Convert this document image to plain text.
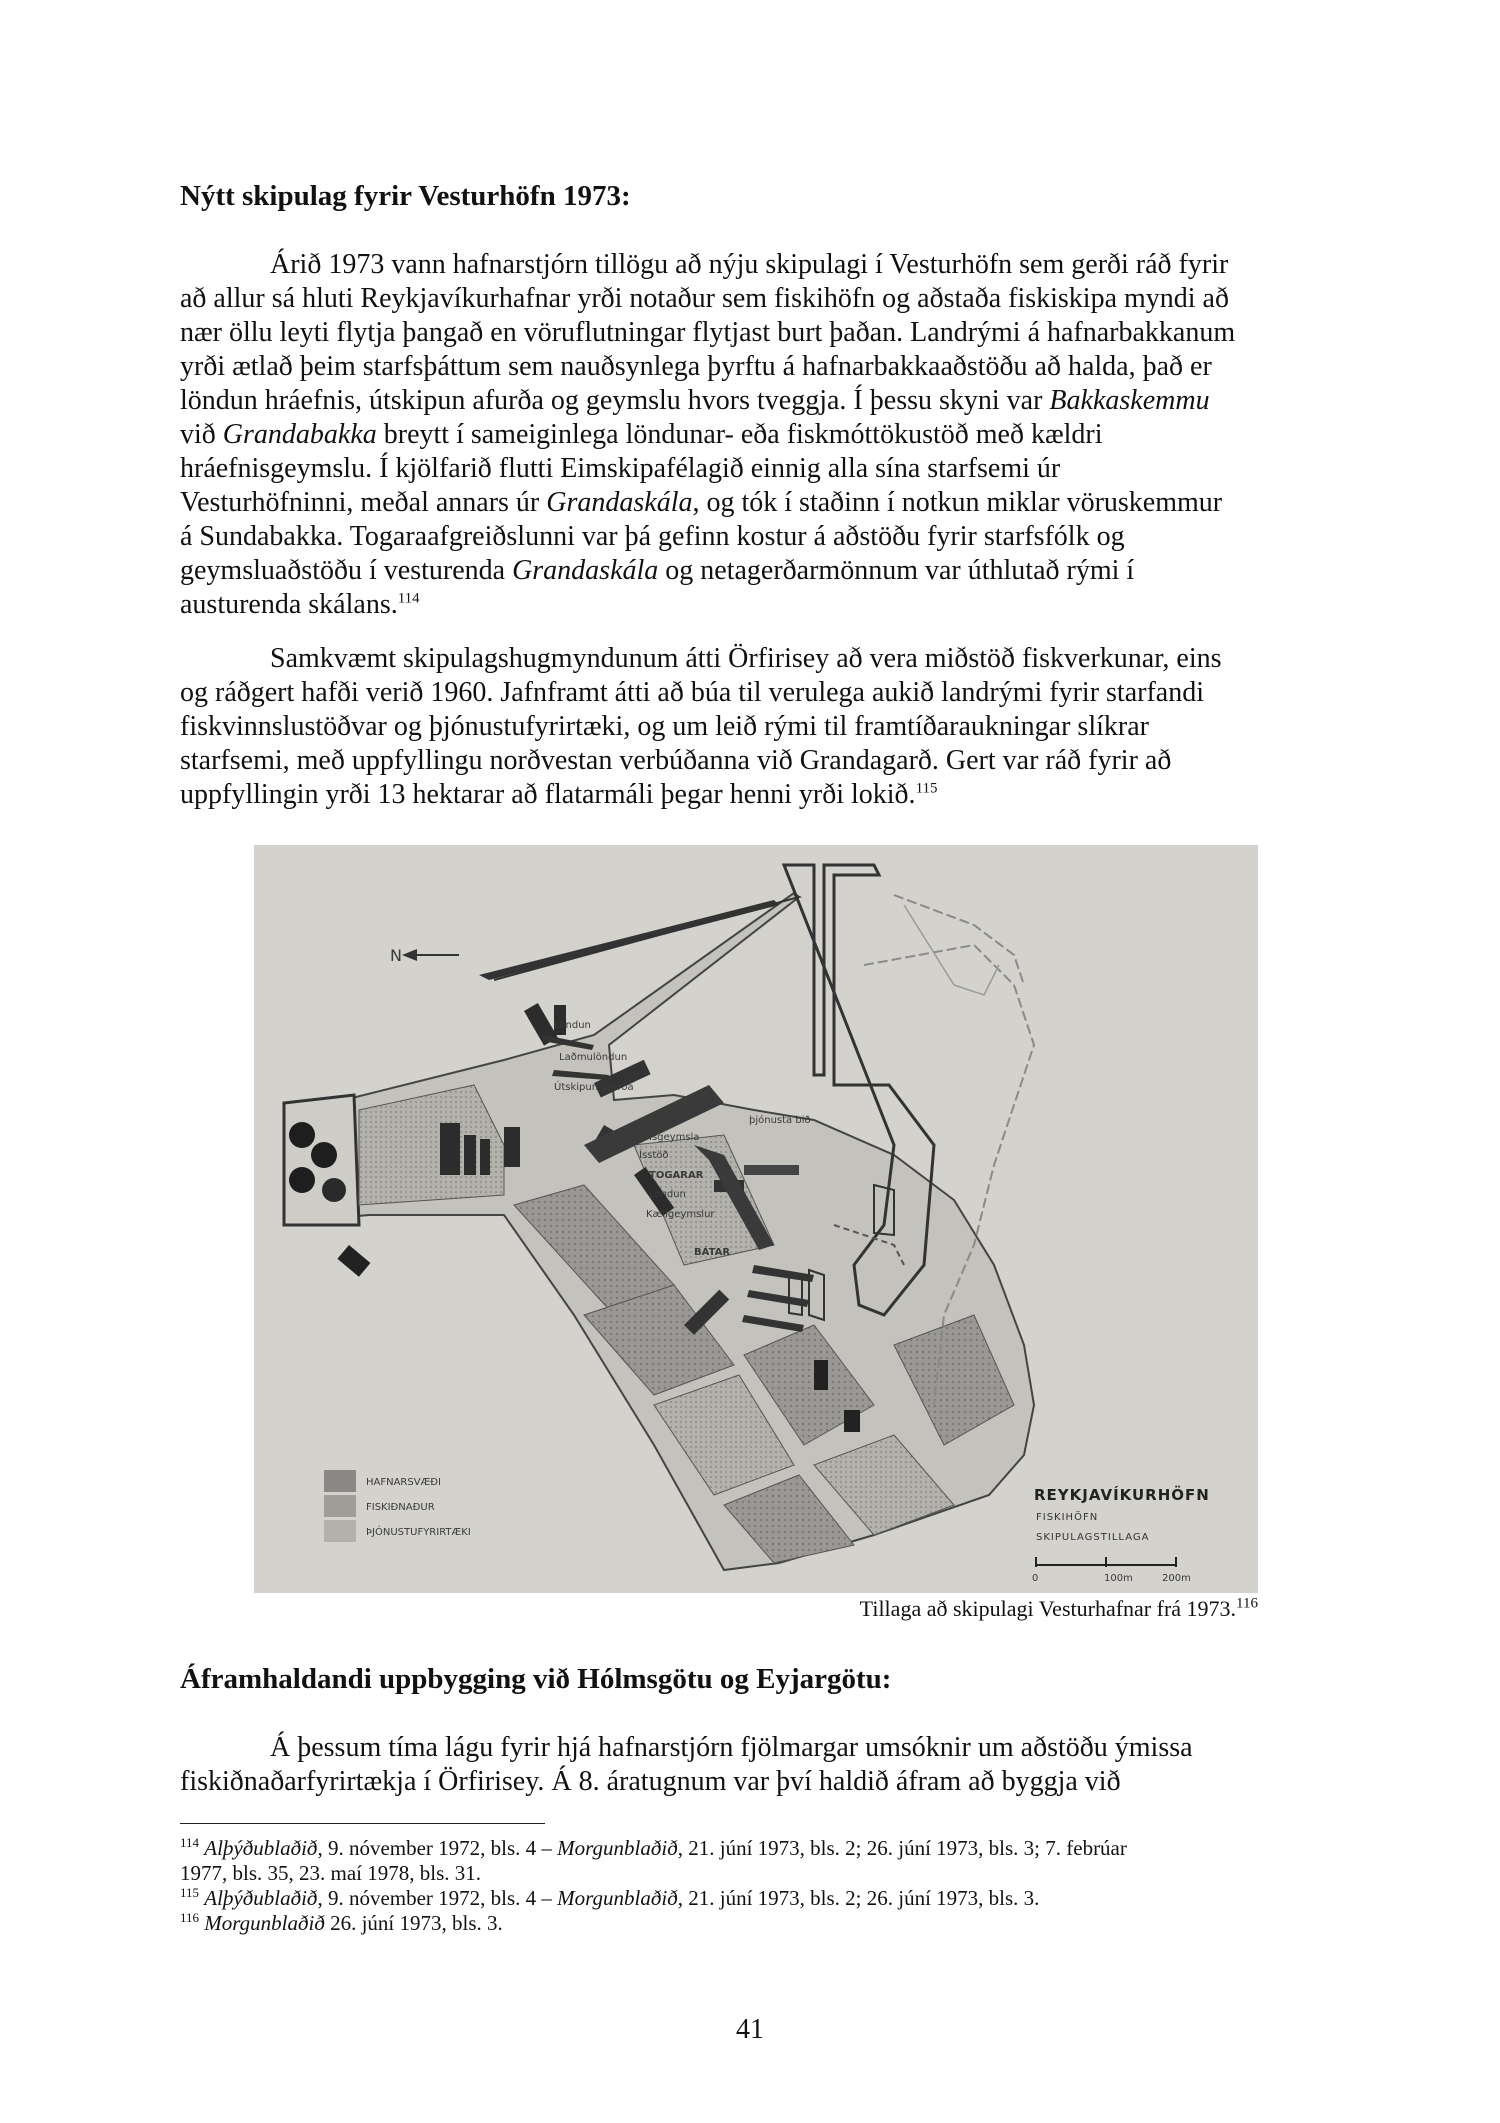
Nýtt skipulag fyrir Vesturhöfn 1973:
Árið 1973 vann hafnarstjórn tillögu að nýju skipulagi í Vesturhöfn sem gerði ráð fyrir
að allur sá hluti Reykjavíkurhafnar yrði notaður sem fiskihöfn og aðstaða fiskiskipa myndi að
nær öllu leyti flytja þangað en vöruflutningar flytjast burt þaðan. Landrými á hafnarbakkanum
yrði ætlað þeim starfsþáttum sem nauðsynlega þyrftu á hafnarbakkaaðstöðu að halda, það er
löndun hráefnis, útskipun afurða og geymslu hvors tveggja. Í þessu skyni var Bakkaskemmu
við Grandabakka breytt í sameiginlega löndunar- eða fiskmóttökustöð með kældri
hráefnisgeymslu. Í kjölfarið flutti Eimskipafélagið einnig alla sína starfsemi úr
Vesturhöfninni, meðal annars úr Grandaskála, og tók í staðinn í notkun miklar vöruskemmur
á Sundabakka. Togaraafgreiðslunni var þá gefinn kostur á aðstöðu fyrir starfsfólk og
geymsluaðstöðu í vesturenda Grandaskála og netagerðarmönnum var úthlutað rými í
austurenda skálans.$^{114}$
Samkvæmt skipulagshugmyndunum átti Örfirisey að vera miðstöð fiskverkunar, eins
og ráðgert hafði verið 1960. Jafnframt átti að búa til verulega aukið landrými fyrir starfandi
fiskvinnslustöðvar og þjónustufyrirtæki, og um leið rými til framtíðaraukningar slíkrar
starfsemi, með uppfyllingu norðvestan verbúðanna við Grandagarð. Gert var ráð fyrir að
uppfyllingin yrði 13 hektarar að flatarmáli þegar henni yrði lokið.$^{115}$
N
Löndun
Laðmulöndun
Útskipun afurða
þjónusta bið
Ísgeymsla
Ísstöð
TOGARAR
Löndun
Kæligeymslur
BÁTAR
HAFNARSVÆÐI
FISKIÐNAÐUR
ÞJÓNUSTUFYRIRTÆKI
REYKJAVÍKURHÖFN
FISKIHÖFN
SKIPULAGSTILLAGA
0	100m	200m
Tillaga að skipulagi Vesturhafnar frá 1973.$^{116}$
Áframhaldandi uppbygging við Hólmsgötu og Eyjargötu:
Á þessum tíma lágu fyrir hjá hafnarstjórn fjölmargar umsóknir um aðstöðu ýmissa
fiskiðnaðarfyrirtækja í Örfirisey. Á 8. áratugnum var því haldið áfram að byggja við
$^{114}$ Alþýðublaðið, 9. nóvember 1972, bls. 4 – Morgunblaðið, 21. júní 1973, bls. 2; 26. júní 1973, bls. 3; 7. febrúar
1977, bls. 35, 23. maí 1978, bls. 31.
$^{115}$ Alþýðublaðið, 9. nóvember 1972, bls. 4 – Morgunblaðið, 21. júní 1973, bls. 2; 26. júní 1973, bls. 3.
$^{116}$ Morgunblaðið 26. júní 1973, bls. 3.
41
